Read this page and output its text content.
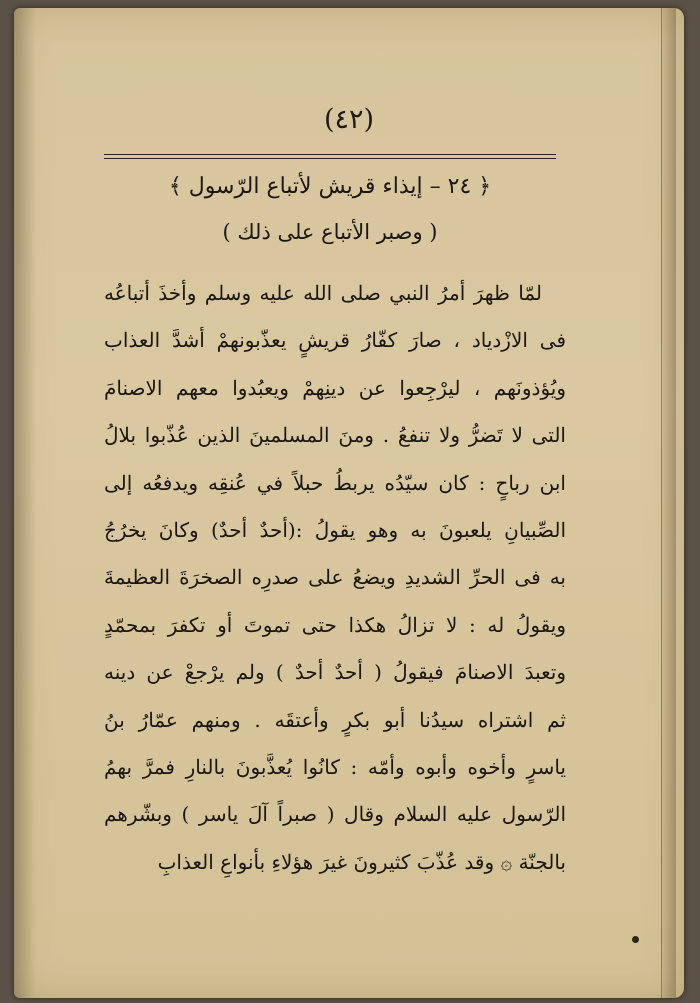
(٤٢)
﴿ ٢٤ – إيذاء قريش لأتباع الرّسول ﴾
( وصبر الأتباع على ذلك )
لمّا ظهرَ أمرُ النبي صلى الله عليه وسلم وأخذَ أتباعُه
فى الازْدياد ، صارَ كفّارُ قريشٍ يعذّبونهمْ أشدَّ العذاب
ويُؤذونَهم ، ليرْجِعوا عن دينِهمْ ويعبُدوا معهم الاصنامَ
التى لا تَضرُّ ولا تنفعُ . ومنَ المسلمينَ الذين عُذّبوا بلالُ
ابن رباحٍ : كان سيّدُه يربطُ حبلاً في عُنقِه ويدفعُه إلى
الصِّبيانِ يلعبونَ به وهو يقولُ :(أحدٌ أحدٌ) وكانَ يخرُجُ
به فى الحرِّ الشديدِ ويضعُ على صدرِه الصخرَةَ العظيمةَ
ويقولُ له : لا تزالُ هكذا حتى تموتَ أو تكفرَ بمحمّدٍ
وتعبدَ الاصنامَ فيقولُ ( أحدٌ أحدٌ ) ولم يرْجعْ عن دينه
ثم اشتراه سيدُنا أبو بكرٍ وأعتقَه . ومنهم عمّارُ بنُ
ياسرٍ وأخوه وأبوه وأمّه : كانُوا يُعذَّبونَ بالنارِ فمرَّ بهمُ
الرّسول عليه السلام وقال ( صبراً آلَ ياسر ) وبشّرهم
بالجنّة ۞ وقد عُذّبَ كثيرونَ غيرَ هؤلاءِ بأنواعِ العذابِ
